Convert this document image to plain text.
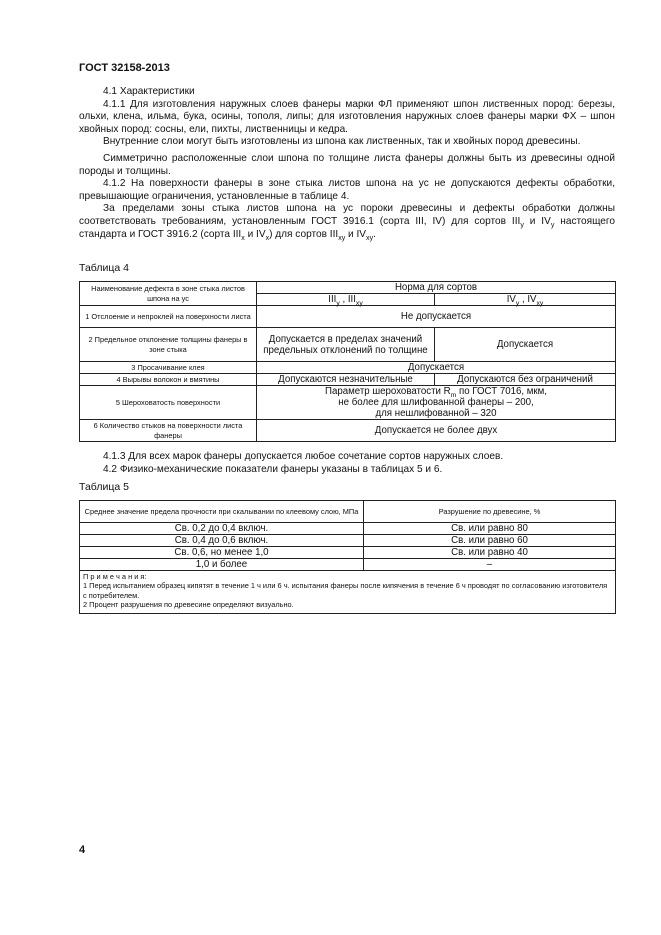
ГОСТ 32158-2013

4.1 Характеристики

4.1.1 Для изготовления наружных слоев фанеры марки ФЛ применяют шпон лиственных пород: березы, ольхи, клена, ильма, бука, осины, тополя, липы; для изготовления наружных слоев фанеры марки ФХ – шпон хвойных пород: сосны, ели, пихты, лиственницы и кедра.

Внутренние слои могут быть изготовлены из шпона как лиственных, так и хвойных пород древесины.

Симметрично расположенные слои шпона по толщине листа фанеры должны быть из древесины одной породы и толщины.

4.1.2 На поверхности фанеры в зоне стыка листов шпона на ус не допускаются дефекты обработки, превышающие ограничения, установленные в таблице 4.

За пределами зоны стыка листов шпона на ус пороки древесины и дефекты обработки должны соответствовать требованиям, установленным ГОСТ 3916.1 (сорта III, IV) для сортов $III_у$ и $IV_у$ настоящего стандарта и ГОСТ 3916.2 (сорта $III_х$ и $IV_х$) для сортов $III_{ху}$ и $IV_{ху}$.

Таблица 4
Наименование дефекта в зоне стыка листов шпона на ус	Норма для сортов	
	$III_у$ , $III_{ху}$	$IV_у$ , $IV_{ху}$
1 Отслоение и непроклей на поверхности листа	Не допускается	
2 Предельное отклонение толщины фанеры в зоне стыка	Допускается в пределах значений предельных отклонений по толщине	Допускается
3 Просачивание клея	Допускается	
4 Вырывы волокон и вмятины	Допускаются незначительные	Допускаются без ограничений
5 Шероховатость поверхности	Параметр шероховатости $R_m$ по ГОСТ 7016, мкм,
не более для шлифованной фанеры – 200,
для нешлифованной – 320	

6 Количество стыков на поверхности листа фанеры	Допускается не более двух	

4.1.3 Для всех марок фанеры допускается любое сочетание сортов наружных слоев.

4.2 Физико-механические показатели фанеры указаны в таблицах 5 и 6.

Таблица 5
Среднее значение предела прочности при скалывании по клеевому слою, МПа	Разрушение по древесине, %
Св. 0,2 до 0,4 включ.	Св. или равно 80
Св. 0,4 до 0,6 включ.	Св. или равно 60
Св. 0,6, но менее 1,0	Св. или равно 40
1,0 и более	–

П р и м е ч а н и я:
1 Перед испытанием образец кипятят в течение 1 ч или 6 ч. испытания фанеры после кипячения в течение 6 ч проводят по согласованию изготовителя с потребителем.
2 Процент разрушения по древесине определяют визуально.	
4
